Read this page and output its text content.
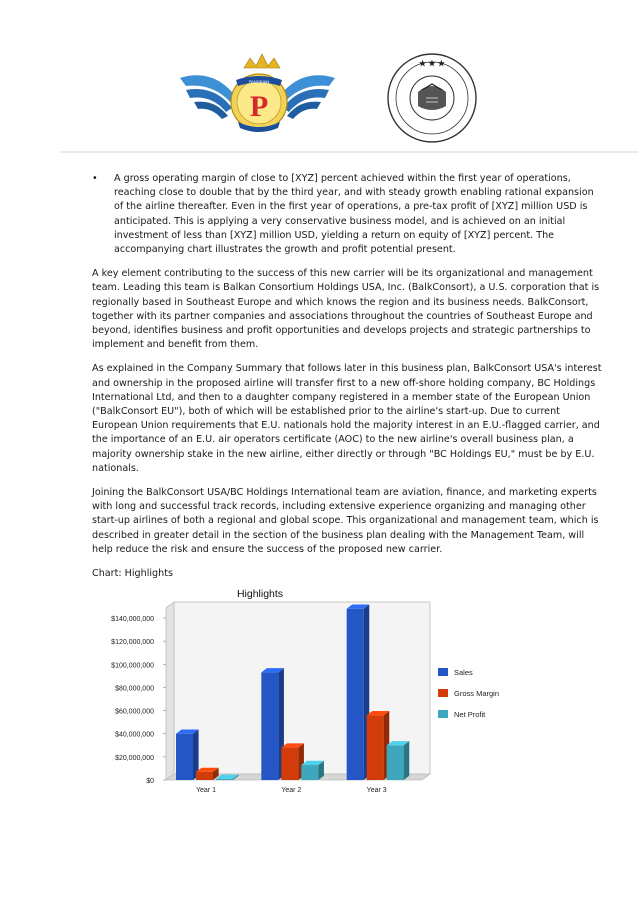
P
PANGRIAN
★ ★ ★
•	A gross operating margin of close to [XYZ] percent achieved within the first year of operations, reaching close to double that by the third year, and with steady growth enabling rational expansion of the airline thereafter. Even in the first year of operations, a pre-tax profit of [XYZ] million USD is anticipated. This is applying a very conservative business model, and is achieved on an initial investment of less than [XYZ] million USD, yielding a return on equity of [XYZ] percent. The accompanying chart illustrates the growth and profit potential present.

A key element contributing to the success of this new carrier will be its organizational and management team. Leading this team is Balkan Consortium Holdings USA, Inc. (BalkConsort), a U.S. corporation that is regionally based in Southeast Europe and which knows the region and its business needs. BalkConsort, together with its partner companies and associations throughout the countries of Southeast Europe and beyond, identifies business and profit opportunities and develops projects and strategic partnerships to implement and benefit from them.

As explained in the Company Summary that follows later in this business plan, BalkConsort USA's interest and ownership in the proposed airline will transfer first to a new off-shore holding company, BC Holdings International Ltd, and then to a daughter company registered in a member state of the European Union ("BalkConsort EU"), both of which will be established prior to the airline's start-up. Due to current European Union requirements that E.U. nationals hold the majority interest in an E.U.-flagged carrier, and the importance of an E.U. air operators certificate (AOC) to the new airline's overall business plan, a majority ownership stake in the new airline, either directly or through "BC Holdings EU," must be by E.U. nationals.

Joining the BalkConsort USA/BC Holdings International team are aviation, finance, and marketing experts with long and successful track records, including extensive experience organizing and managing other start-up airlines of both a regional and global scope. This organizational and management team, which is described in greater detail in the section of the business plan dealing with the Management Team, will help reduce the risk and ensure the success of the proposed new carrier.

Chart: Highlights

Highlights
$0
$20,000,000
$40,000,000
$60,000,000
$80,000,000
$100,000,000
$120,000,000
$140,000,000
Year 1	Year 2	Year 3
Sales
Gross Margin
Net Profit
